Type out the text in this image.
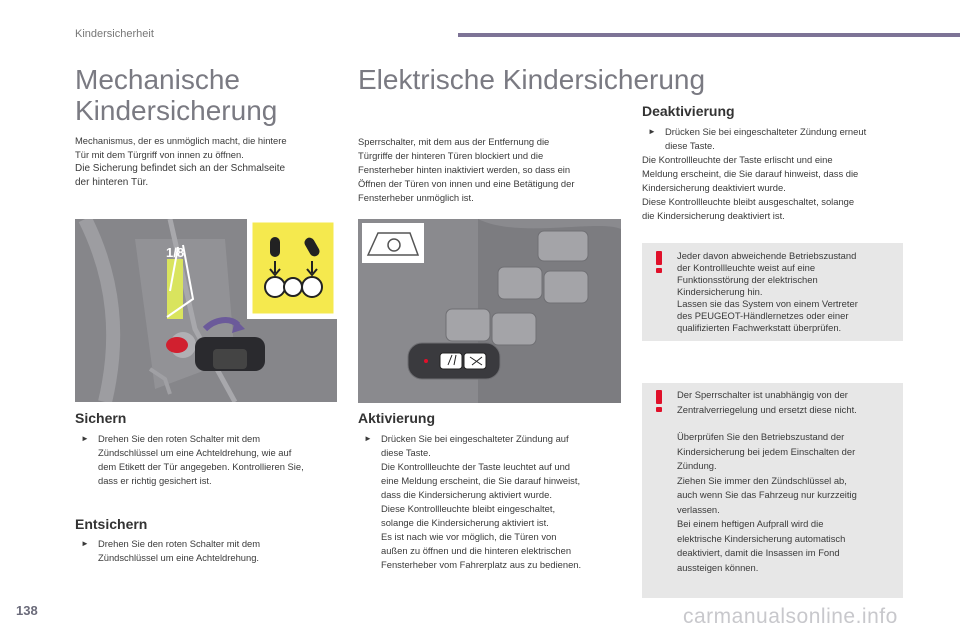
Kindersicherheit
Mechanische
Kindersicherung

Mechanismus, der es unmöglich macht, die hintere

Tür mit dem Türgriff von innen zu öffnen.

Die Sicherung befindet sich an der Schmalseite

der hinteren Tür.

1/8
Sichern
► Drehen Sie den roten Schalter mit dem
Zündschlüssel um eine Achteldrehung, wie auf
dem Etikett der Tür angegeben. Kontrollieren Sie,
dass er richtig gesichert ist.
Entsichern
► Drehen Sie den roten Schalter mit dem
Zündschlüssel um eine Achteldrehung.
Elektrische Kindersicherung

Sperrschalter, mit dem aus der Entfernung die

Türgriffe der hinteren Türen blockiert und die

Fensterheber hinten inaktiviert werden, so dass ein

Öffnen der Türen von innen und eine Betätigung der

Fensterheber unmöglich ist.

Aktivierung
► Drücken Sie bei eingeschalteter Zündung auf
diese Taste.
Die Kontrollleuchte der Taste leuchtet auf und
eine Meldung erscheint, die Sie darauf hinweist,
dass die Kindersicherung aktiviert wurde.
Diese Kontrollleuchte bleibt eingeschaltet,
solange die Kindersicherung aktiviert ist.
Es ist nach wie vor möglich, die Türen von
außen zu öffnen und die hinteren elektrischen
Fensterheber vom Fahrerplatz aus zu bedienen.
Deaktivierung
► Drücken Sie bei eingeschalteter Zündung erneut
diese Taste.

Die Kontrollleuchte der Taste erlischt und eine

Meldung erscheint, die Sie darauf hinweist, dass die

Kindersicherung deaktiviert wurde.

Diese Kontrollleuchte bleibt ausgeschaltet, solange

die Kindersicherung deaktiviert ist.

Jeder davon abweichende Betriebszustand
der Kontrollleuchte weist auf eine
Funktionsstörung der elektrischen
Kindersicherung hin.
Lassen sie das System von einem Vertreter
des PEUGEOT-Händlernetzes oder einer
qualifizierten Fachwerkstatt überprüfen.
Der Sperrschalter ist unabhängig von der
Zentralverriegelung und ersetzt diese nicht.
Überprüfen Sie den Betriebszustand der
Kindersicherung bei jedem Einschalten der
Zündung.
Ziehen Sie immer den Zündschlüssel ab,
auch wenn Sie das Fahrzeug nur kurzzeitig
verlassen.
Bei einem heftigen Aufprall wird die
elektrische Kindersicherung automatisch
deaktiviert, damit die Insassen im Fond
aussteigen können.
138	carmanualsonline.info
